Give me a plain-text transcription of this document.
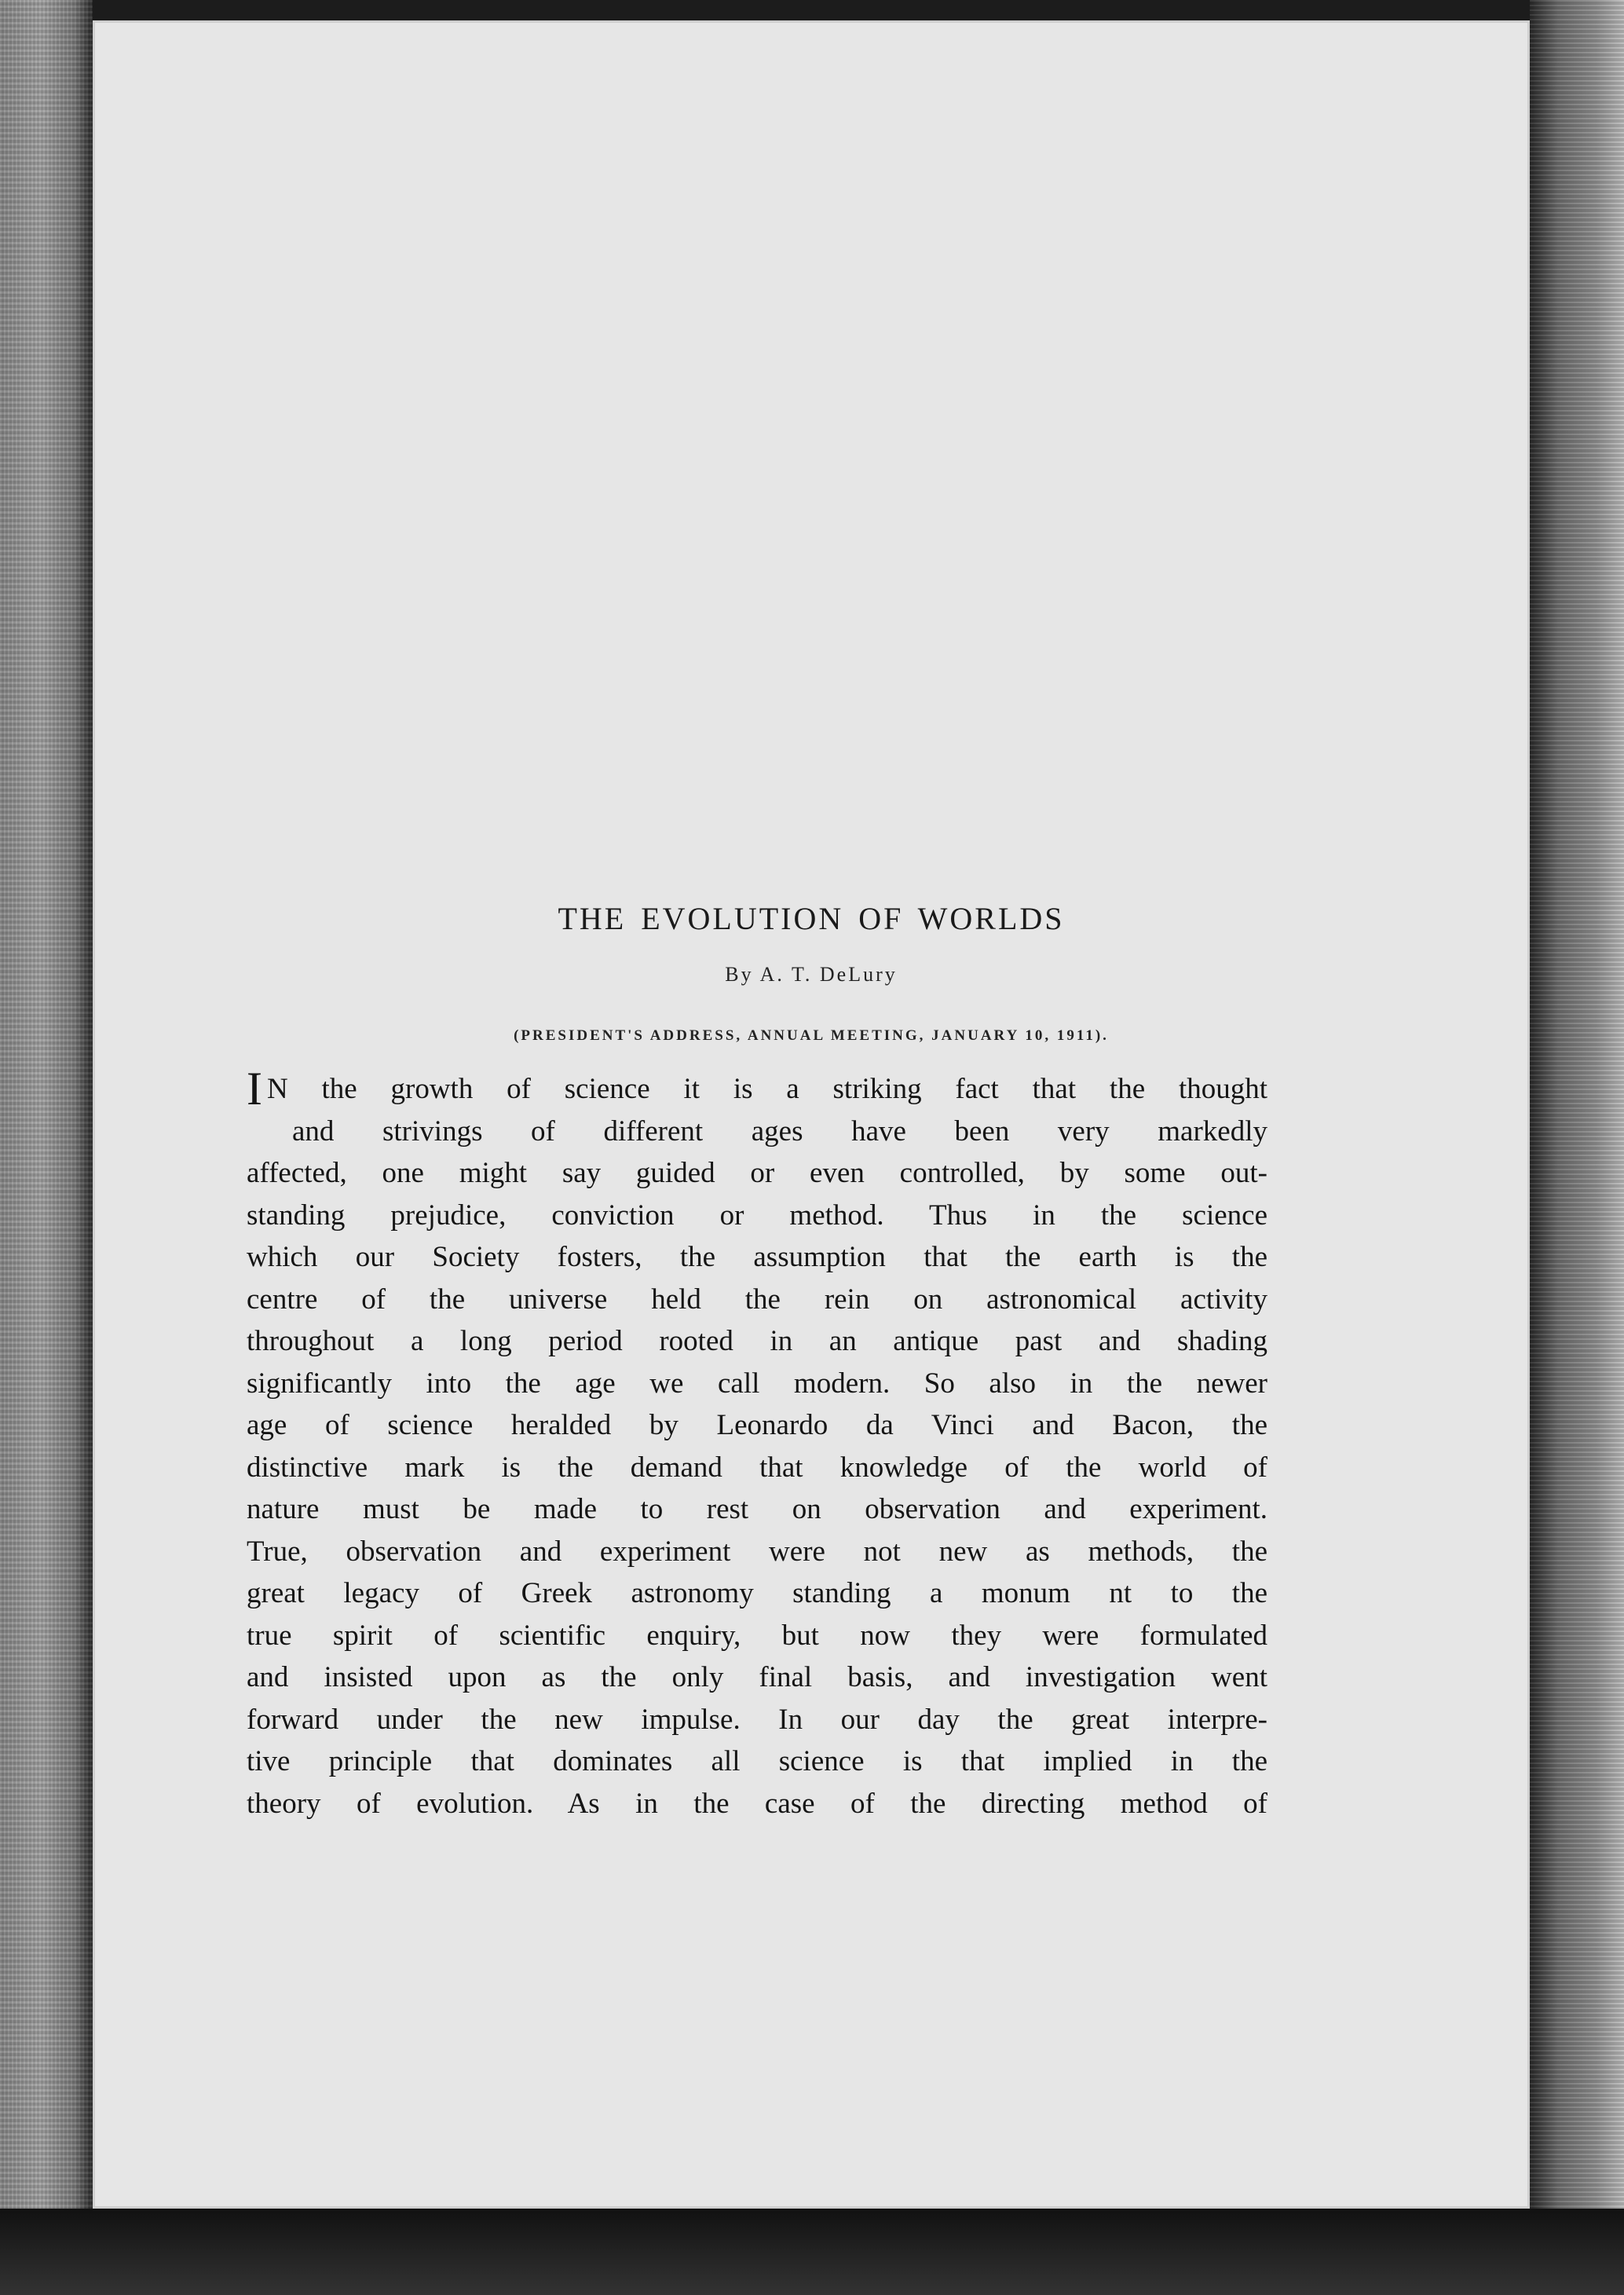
THE EVOLUTION OF WORLDS
By A. T. DeLury
(PRESIDENT'S ADDRESS, ANNUAL MEETING, JANUARY 10, 1911).
I N the growth of science it is a striking fact that the thought
and strivings of different ages have been very markedly
affected, one might say guided or even controlled, by some out-
standing prejudice, conviction or method. Thus in the science
which our Society fosters, the assumption that the earth is the
centre of the universe held the rein on astronomical activity
throughout a long period rooted in an antique past and shading
significantly into the age we call modern. So also in the newer
age of science heralded by Leonardo da Vinci and Bacon, the
distinctive mark is the demand that knowledge of the world of
nature must be made to rest on observation and experiment.
True, observation and experiment were not new as methods, the
great legacy of Greek astronomy standing a monum nt to the
true spirit of scientific enquiry, but now they were formulated
and insisted upon as the only final basis, and investigation went
forward under the new impulse. In our day the great interpre-
tive principle that dominates all science is that implied in the
theory of evolution. As in the case of the directing method of
